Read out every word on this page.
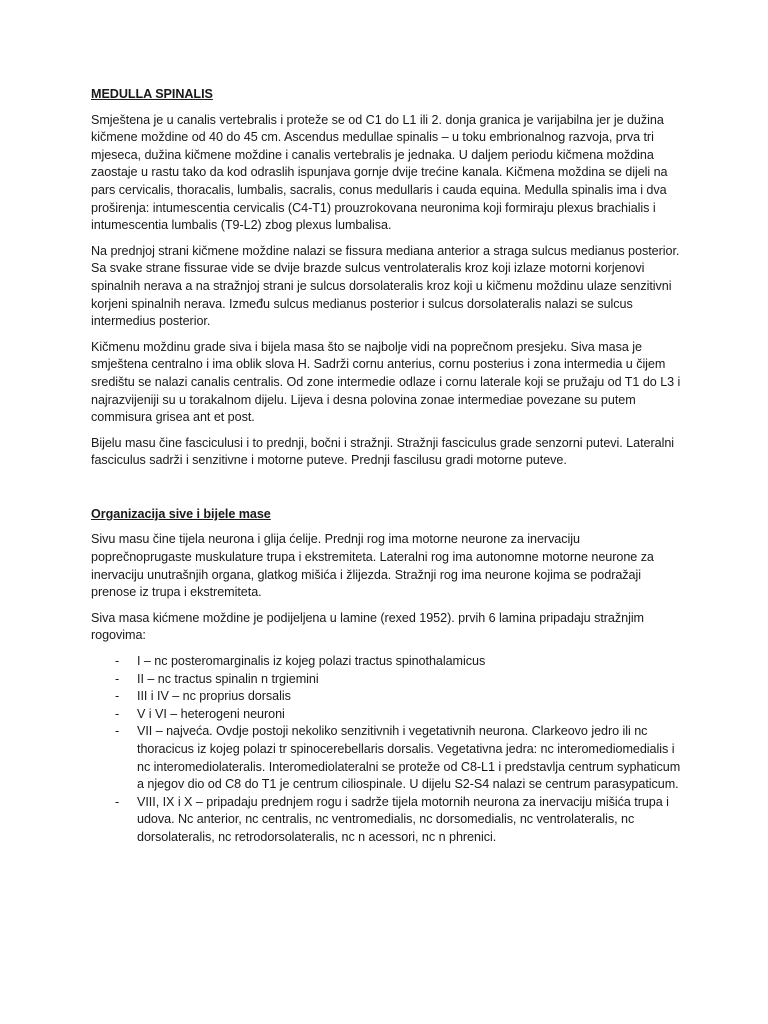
MEDULLA SPINALIS

Smještena je u canalis vertebralis i proteže se od C1 do L1 ili 2. donja granica je varijabilna jer je dužina kičmene moždine od 40 do 45 cm. Ascendus medullae spinalis – u toku embrionalnog razvoja, prva tri mjeseca, dužina kičmene moždine i canalis vertebralis je jednaka. U daljem periodu kičmena moždina zaostaje u rastu tako da kod odraslih ispunjava gornje dvije trećine kanala. Kičmena moždina se dijeli na pars cervicalis, thoracalis, lumbalis, sacralis, conus medullaris i cauda equina. Medulla spinalis ima i dva proširenja: intumescentia cervicalis (C4-T1) prouzrokovana neuronima koji formiraju plexus brachialis i intumescentia lumbalis (T9-L2) zbog plexus lumbalisa.

Na prednjoj strani kičmene moždine nalazi se fissura mediana anterior a straga sulcus medianus posterior. Sa svake strane fissurae vide se dvije brazde sulcus ventrolateralis kroz koji izlaze motorni korjenovi spinalnih nerava a na stražnjoj strani je sulcus dorsolateralis kroz koji u kičmenu moždinu ulaze senzitivni korjeni spinalnih nerava. Između sulcus medianus posterior i sulcus dorsolateralis nalazi se sulcus intermedius posterior.

Kičmenu moždinu grade siva i bijela masa što se najbolje vidi na poprečnom presjeku. Siva masa je smještena centralno i ima oblik slova H. Sadrži cornu anterius, cornu posterius i zona intermedia u čijem središtu se nalazi canalis centralis. Od zone intermedie odlaze i cornu laterale koji se pružaju od T1 do L3 i najrazvijeniji su u torakalnom dijelu. Lijeva i desna polovina zonae intermediae povezane su putem commisura grisea ant et post.

Bijelu masu čine fasciculusi i to prednji, bočni i stražnji. Stražnji fasciculus grade senzorni putevi. Lateralni fasciculus sadrži i senzitivne i motorne puteve. Prednji fascilusu gradi motorne puteve.

Organizacija sive i bijele mase

Sivu masu čine tijela neurona i glija ćelije. Prednji rog ima motorne neurone za inervaciju poprečnoprugaste muskulature trupa i ekstremiteta. Lateralni rog ima autonomne motorne neurone za inervaciju unutrašnjih organa, glatkog mišića i žlijezda. Stražnji rog ima neurone kojima se podražaji prenose iz trupa i ekstremiteta.

Siva masa kićmene moždine je podijeljena u lamine (rexed 1952). prvih 6 lamina pripadaju stražnjim rogovima:

- I – nc posteromarginalis iz kojeg polazi tractus spinothalamicus
- II – nc tractus spinalin n trgiemini
- III i IV – nc proprius dorsalis
- V i VI – heterogeni neuroni
- VII – najveća. Ovdje postoji nekoliko senzitivnih i vegetativnih neurona. Clarkeovo jedro ili nc thoracicus iz kojeg polazi tr spinocerebellaris dorsalis. Vegetativna jedra: nc interomediomedialis i nc interomediolateralis. Interomediolateralni se proteže od C8-L1 i predstavlja centrum syphaticum a njegov dio od C8 do T1 je centrum ciliospinale. U dijelu S2-S4 nalazi se centrum parasypaticum.
- VIII, IX i X – pripadaju prednjem rogu i sadrže tijela motornih neurona za inervaciju mišića trupa i udova. Nc anterior, nc centralis, nc ventromedialis, nc dorsomedialis, nc ventrolateralis, nc dorsolateralis, nc retrodorsolateralis, nc n acessori, nc n phrenici.
